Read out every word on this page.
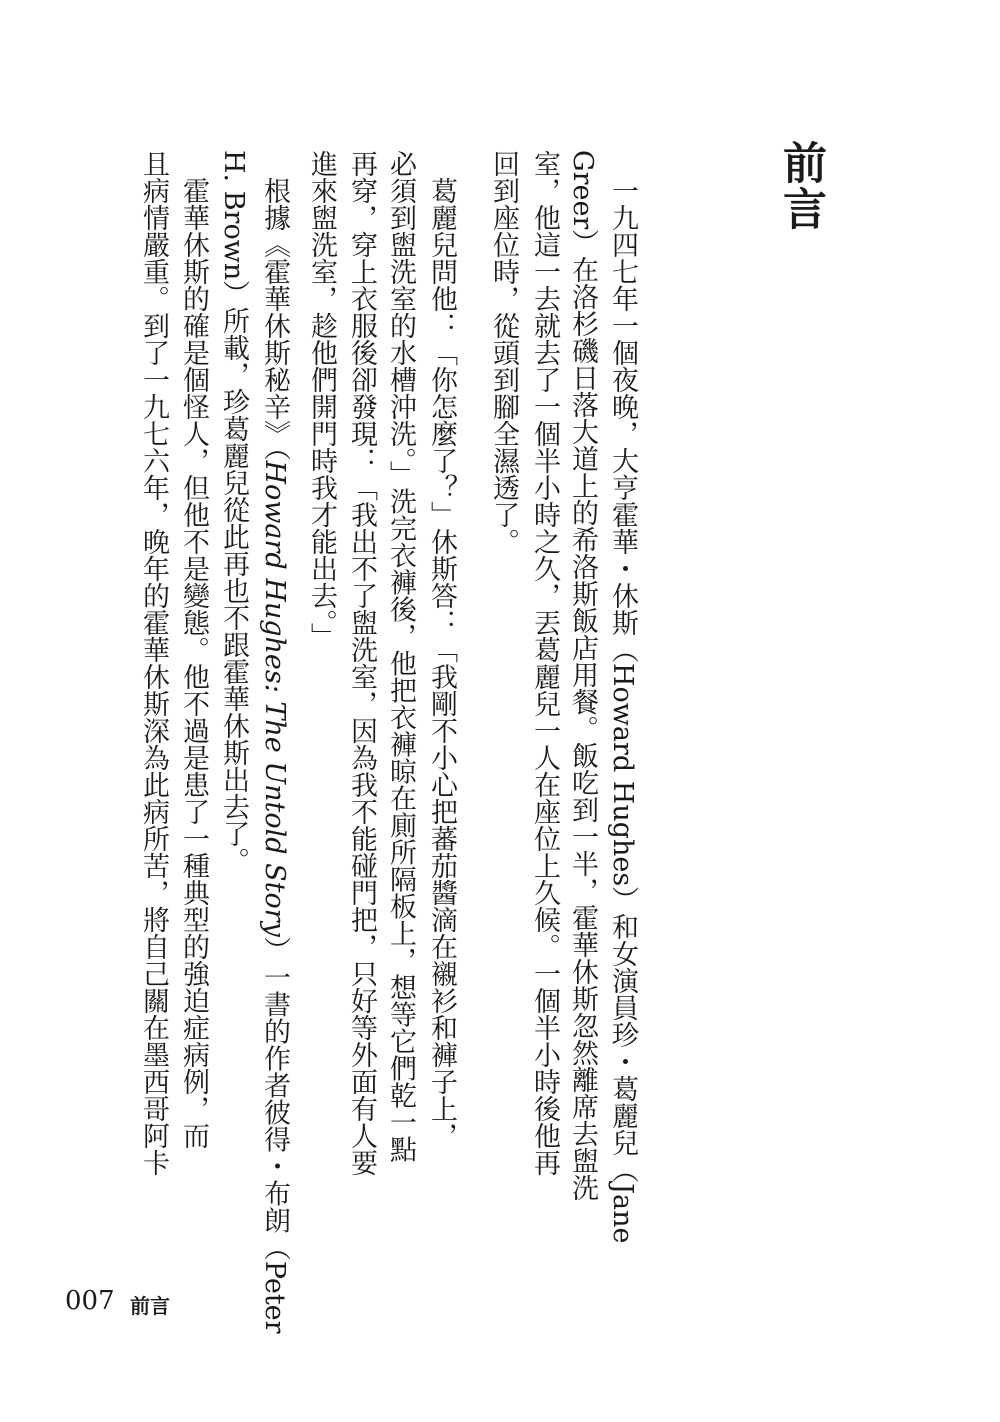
前言
一九四七年一個夜晚，大亨霍華・休斯（Howard Hughes）和女演員珍・葛麗兒（Jane
Greer）在洛杉磯日落大道上的希洛斯飯店用餐。飯吃到一半，霍華休斯忽然離席去盥洗
室，他這一去就去了一個半小時之久，丟葛麗兒一人在座位上久候。一個半小時後他再
回到座位時，從頭到腳全濕透了。
葛麗兒問他：「你怎麼了？」休斯答：「我剛不小心把蕃茄醬滴在襯衫和褲子上，
必須到盥洗室的水槽沖洗。」洗完衣褲後，他把衣褲晾在廁所隔板上，想等它們乾一點
再穿，穿上衣服後卻發現：「我出不了盥洗室，因為我不能碰門把，只好等外面有人要
進來盥洗室，趁他們開門時我才能出去。」
根據《霍華休斯秘辛》（Howard Hughes: The Untold Story）一書的作者彼得・布朗（Peter
H. Brown）所載，珍葛麗兒從此再也不跟霍華休斯出去了。
霍華休斯的確是個怪人，但他不是變態。他不過是患了一種典型的強迫症病例，而
且病情嚴重。到了一九七六年，晚年的霍華休斯深為此病所苦，將自己關在墨西哥阿卡
007 前言
